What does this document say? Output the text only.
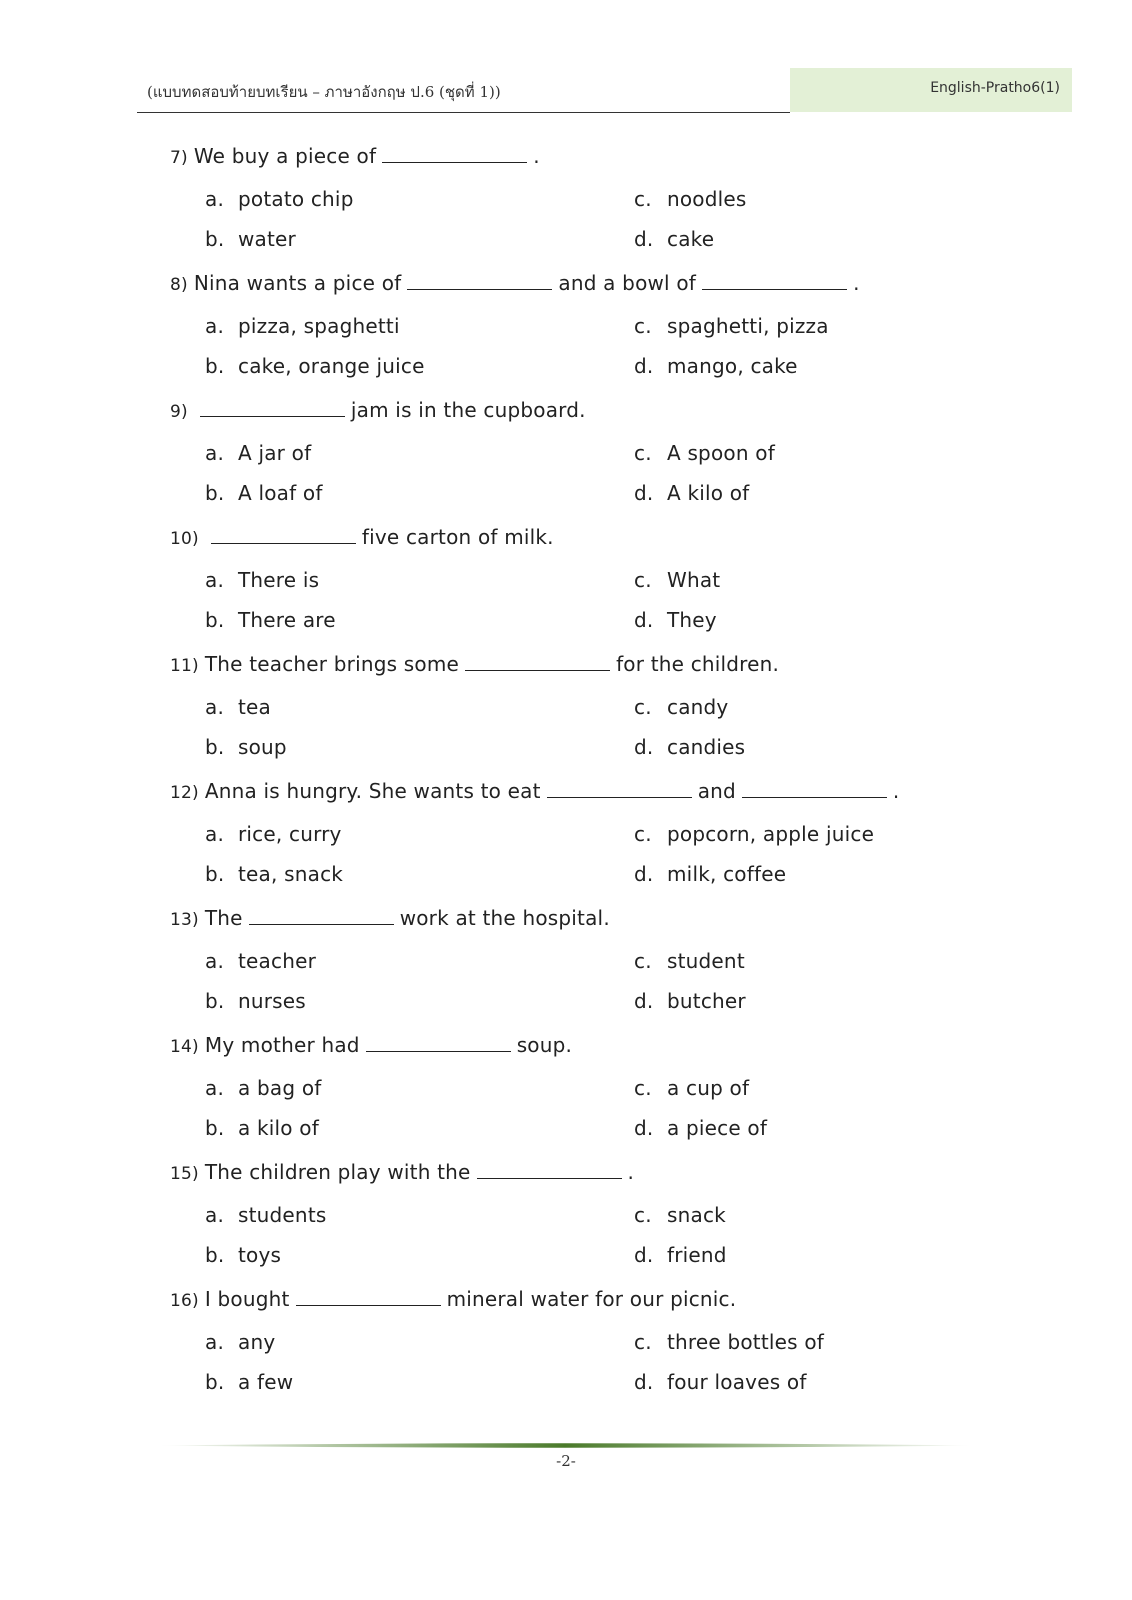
(แบบทดสอบท้ายบทเรียน – ภาษาอังกฤษ ป.6 (ชุดที่ 1))	English-Pratho6(1)
7) We buy a piece of	.
a. potato chip
b. water
c. noodles
d. cake
8) Nina wants a pice of	and a bowl of	.
a. pizza, spaghetti
b. cake, orange juice
c. spaghetti, pizza
d. mango, cake
9)	jam is in the cupboard.
a. A jar of
b. A loaf of
c. A spoon of
d. A kilo of
10)	five carton of milk.
a. There is
b. There are
c. What
d. They
11) The teacher brings some	for the children.
a. tea
b. soup
c. candy
d. candies
12) Anna is hungry. She wants to eat	and	.
a. rice, curry
b. tea, snack
c. popcorn, apple juice
d. milk, coffee
13) The	work at the hospital.
a. teacher
b. nurses
c. student
d. butcher
14) My mother had	soup.
a. a bag of
b. a kilo of
c. a cup of
d. a piece of
15) The children play with the	.
a. students
b. toys
c. snack
d. friend
16) I bought	mineral water for our picnic.
a. any
b. a few
c. three bottles of
d. four loaves of
-2-
